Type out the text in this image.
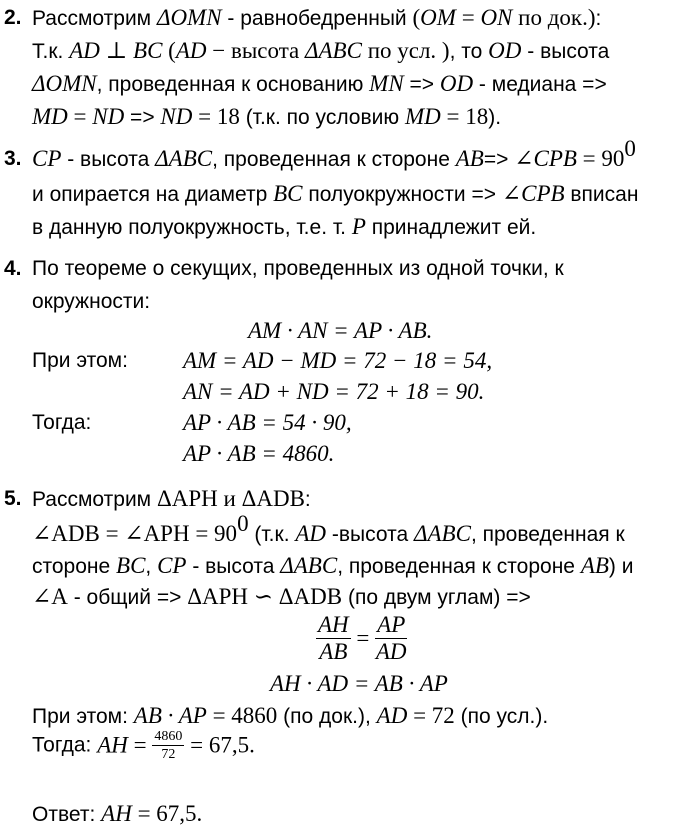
2. Рассмотрим ΔOMN - равнобедренный (OM = ON по док.):
Т.к. AD ⊥ BC (AD − высота ΔABC по усл. ), то OD - высота
ΔOMN, проведенная к основанию MN => OD - медиана =>
MD = ND => ND = 18 (т.к. по условию MD = 18).
3. CP - высота ΔABC, проведенная к стороне AB=> ∠CPB = $90^0$
и опирается на диаметр BC полуокружности => ∠CPB вписан
в данную полуокружность, т.е. т. P принадлежит ей.
4. По теореме о секущих, проведенных из одной точки, к
окружности:
AM · AN = AP · AB.
При этом: AM = AD − MD = 72 − 18 = 54,
AN = AD + ND = 72 + 18 = 90.
Тогда:	AP · AB = 54 · 90,
AP · AB = 4860.
5. Рассмотрим ΔAPH и ΔADB:
∠ADB = ∠APH = $90^0$ (т.к. AD -высота ΔABC, проведенная к
стороне BC, CP - высота ΔABC, проведенная к стороне AB) и
∠A - общий => ΔAPH ∽ ΔADB (по двум углам) =>
$\frac{AH}{AB} = \frac{AP}{AD}$
AH · AD = AB · AP
При этом: AB · AP = 4860 (по док.), AD = 72 (по усл.).
Тогда: AH = $\frac{4860}{72} = 67,5$.
Ответ: AH = 67,5.
